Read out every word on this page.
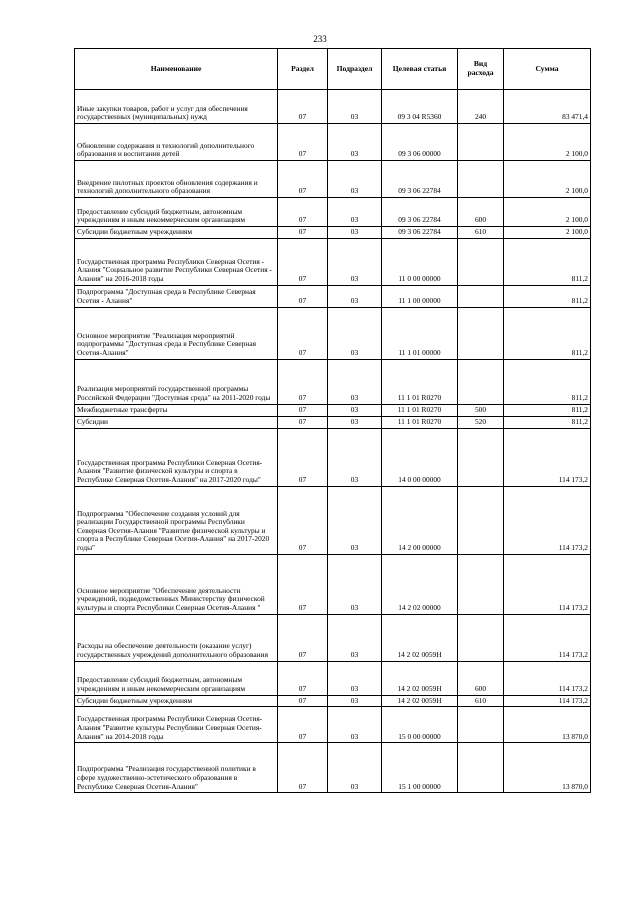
233
Наименование	Раздел	Подраздел	Целевая статья	Вид расхода	Сумма
Иные закупки товаров, работ и услуг для обеспечения государственных (муниципальных) нужд	07	03	09 3 04 R5360	240	83 471,4
Обновление содержания и технологий дополнительного образования и воспитания детей	07	03	09 3 06 00000		2 100,0
Внедрение пилотных проектов обновления содержания и технологий дополнительного образования	07	03	09 3 06 22784		2 100,0
Предоставление субсидий бюджетным, автономным учреждениям и иным некоммерческим организациям	07	03	09 3 06 22784	600	2 100,0
Субсидии бюджетным учреждениям	07	03	09 3 06 22784	610	2 100,0
Государственная программа Республики Северная Осетия - Алания "Социальное развитие Республики Северная Осетия - Алания" на 2016-2018 годы	07	03	11 0 00 00000		811,2
Подпрограмма "Доступная среда в Республике Северная Осетия - Алания"	07	03	11 1 00 00000		811,2
Основное мероприятие "Реализация мероприятий подпрограммы "Доступная среда в Республике Северная Осетия-Алания"	07	03	11 1 01 00000		811,2
Реализация мероприятий государственной программы Российской Федерации "Доступная среда" на 2011-2020 годы	07	03	11 1 01 R0270		811,2
Межбюджетные трансферты	07	03	11 1 01 R0270	500	811,2
Субсидии	07	03	11 1 01 R0270	520	811,2
Государственная программа Республики Северная Осетия-Алания "Развитие физической культуры и спорта в Республике Северная Осетия-Алания" на 2017-2020 годы"	07	03	14 0 00 00000		114 173,2
Подпрограмма "Обеспечение создания условий для реализации Государственной программы Республики Северная Осетия-Алания "Развитие физической культуры и спорта в Республике Северная Осетия-Алания" на 2017-2020 годы"	07	03	14 2 00 00000		114 173,2
Основное мероприятие "Обеспечение деятельности учреждений, подведомственных Министерству физической культуры и спорта Республики Северная Осетия-Алания "	07	03	14 2 02 00000		114 173,2
Расходы на обеспечение деятельности (оказание услуг) государственных учреждений дополнительного образования	07	03	14 2 02 0059Н		114 173,2
Предоставление субсидий бюджетным, автономным учреждениям и иным некоммерческим организациям	07	03	14 2 02 0059Н	600	114 173,2
Субсидии бюджетным учреждениям	07	03	14 2 02 0059Н	610	114 173,2
Государственная программа Республики Северная Осетия-Алания "Развитие культуры Республики Северная Осетия-Алания" на 2014-2018 годы	07	03	15 0 00 00000		13 870,0
Подпрограмма "Реализация государственной политики в сфере художественно-эстетического образования в Республике Северная Осетия-Алания"	07	03	15 1 00 00000		13 870,0
